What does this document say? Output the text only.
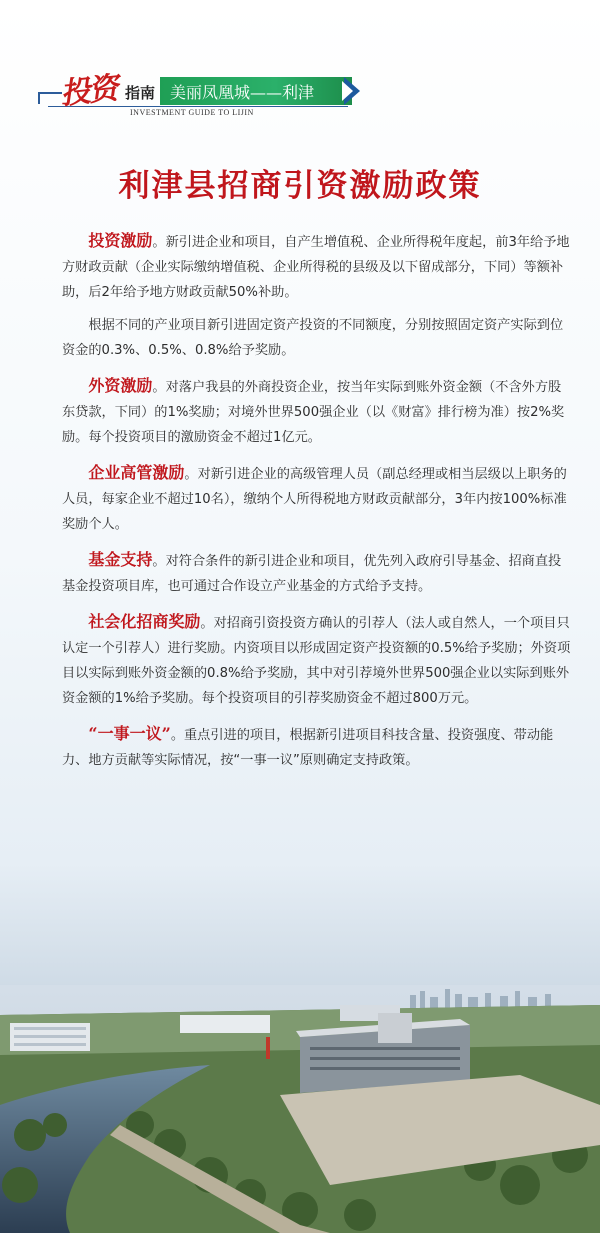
投资 指南 美丽凤凰城——利津
INVESTMENT GUIDE TO LIJIN
利津县招商引资激励政策

投资激励。新引进企业和项目，自产生增值税、企业所得税年度起，前3年给予地方财政贡献（企业实际缴纳增值税、企业所得税的县级及以下留成部分，下同）等额补助，后2年给予地方财政贡献50%补助。

根据不同的产业项目新引进固定资产投资的不同额度，分别按照固定资产实际到位资金的0.3%、0.5%、0.8%给予奖励。

外资激励。对落户我县的外商投资企业，按当年实际到账外资金额（不含外方股东贷款，下同）的1%奖励；对境外世界500强企业（以《财富》排行榜为准）按2%奖励。每个投资项目的激励资金不超过1亿元。

企业高管激励。对新引进企业的高级管理人员（副总经理或相当层级以上职务的人员，每家企业不超过10名），缴纳个人所得税地方财政贡献部分，3年内按100%标准奖励个人。

基金支持。对符合条件的新引进企业和项目，优先列入政府引导基金、招商直投基金投资项目库，也可通过合作设立产业基金的方式给予支持。

社会化招商奖励。对招商引资投资方确认的引荐人（法人或自然人，一个项目只认定一个引荐人）进行奖励。内资项目以形成固定资产投资额的0.5%给予奖励；外资项目以实际到账外资金额的0.8%给予奖励，其中对引荐境外世界500强企业以实际到账外资金额的1%给予奖励。每个投资项目的引荐奖励资金不超过800万元。

“一事一议”。重点引进的项目，根据新引进项目科技含量、投资强度、带动能力、地方贡献等实际情况，按“一事一议”原则确定支持政策。
